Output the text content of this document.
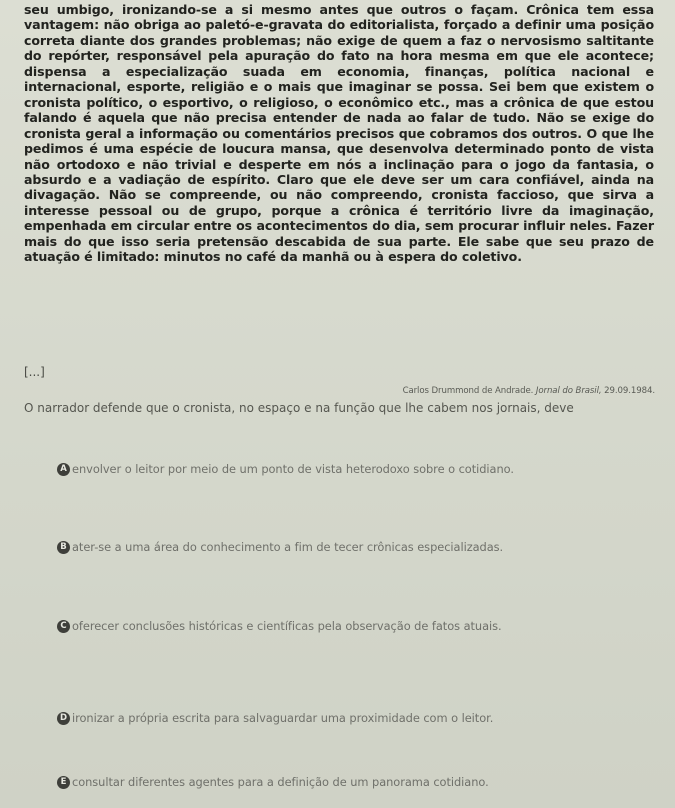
seu umbigo, ironizando-se a si mesmo antes que outros o façam. Crônica tem essa vantagem: não obriga ao paletó-e-gravata do editorialista, forçado a definir uma posição correta diante dos grandes problemas; não exige de quem a faz o nervosismo saltitante do repórter, responsável pela apuração do fato na hora mesma em que ele acontece; dispensa a especialização suada em economia, finanças, política nacional e internacional, esporte, religião e o mais que imaginar se possa. Sei bem que existem o cronista político, o esportivo, o religioso, o econômico etc., mas a crônica de que estou falando é aquela que não precisa entender de nada ao falar de tudo. Não se exige do cronista geral a informação ou comentários precisos que cobramos dos outros. O que lhe pedimos é uma espécie de loucura mansa, que desenvolva determinado ponto de vista não ortodoxo e não trivial e desperte em nós a inclinação para o jogo da fantasia, o absurdo e a vadiação de espírito. Claro que ele deve ser um cara confiável, ainda na divagação. Não se compreende, ou não compreendo, cronista faccioso, que sirva a interesse pessoal ou de grupo, porque a crônica é território livre da imaginação, empenhada em circular entre os acontecimentos do dia, sem procurar influir neles. Fazer mais do que isso seria pretensão descabida de sua parte. Ele sabe que seu prazo de atuação é limitado: minutos no café da manhã ou à espera do coletivo.

[...]
Carlos Drummond de Andrade. Jornal do Brasil, 29.09.1984.
O narrador defende que o cronista, no espaço e na função que lhe cabem nos jornais, deve
A envolver o leitor por meio de um ponto de vista heterodoxo sobre o cotidiano.
B ater-se a uma área do conhecimento a fim de tecer crônicas especializadas.
C oferecer conclusões históricas e científicas pela observação de fatos atuais.
D ironizar a própria escrita para salvaguardar uma proximidade com o leitor.
E consultar diferentes agentes para a definição de um panorama cotidiano.
